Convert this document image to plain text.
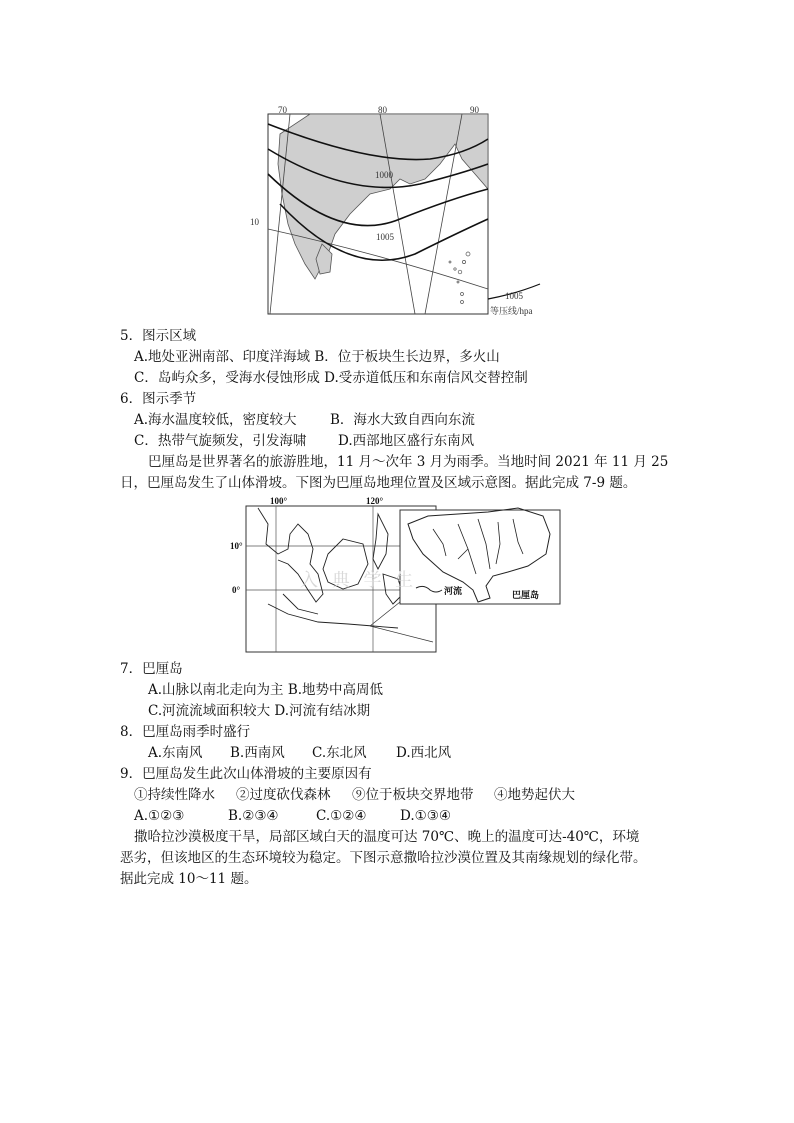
70	80	90
10
1000
1005
1005
等压线/hpa
5．图示区域
A.地处亚洲南部、印度洋海域 B．位于板块生长边界，多火山
C．岛屿众多，受海水侵蚀形成 D.受赤道低压和东南信风交替控制
6．图示季节
A.海水温度较低，密度较大 B．海水大致自西向东流
C．热带气旋频发，引发海啸 D.西部地区盛行东南风
巴厘岛是世界著名的旅游胜地，11 月～次年 3 月为雨季。当地时间 2021 年 11 月 25
日，巴厘岛发生了山体滑坡。下图为巴厘岛地理位置及区域示意图。据此完成 7-9 题。
100°	120°
10°
0°	入 典 学 生	河流	巴厘岛
7．巴厘岛
A.山脉以南北走向为主 B.地势中高周低
C.河流流域面积较大 D.河流有结冰期
8．巴厘岛雨季时盛行
A.东南风 B.西南风 C.东北风 D.西北风
9．巴厘岛发生此次山体滑坡的主要原因有
①持续性降水 ②过度砍伐森林 ⑨位于板块交界地带 ④地势起伏大
A.①②③	B.②③④	C.①②④ D.①③④
撒哈拉沙漠极度干旱，局部区域白天的温度可达 70℃、晚上的温度可达-40℃，环境
恶劣，但该地区的生态环境较为稳定。下图示意撒哈拉沙漠位置及其南缘规划的绿化带。
据此完成 10～11 题。
